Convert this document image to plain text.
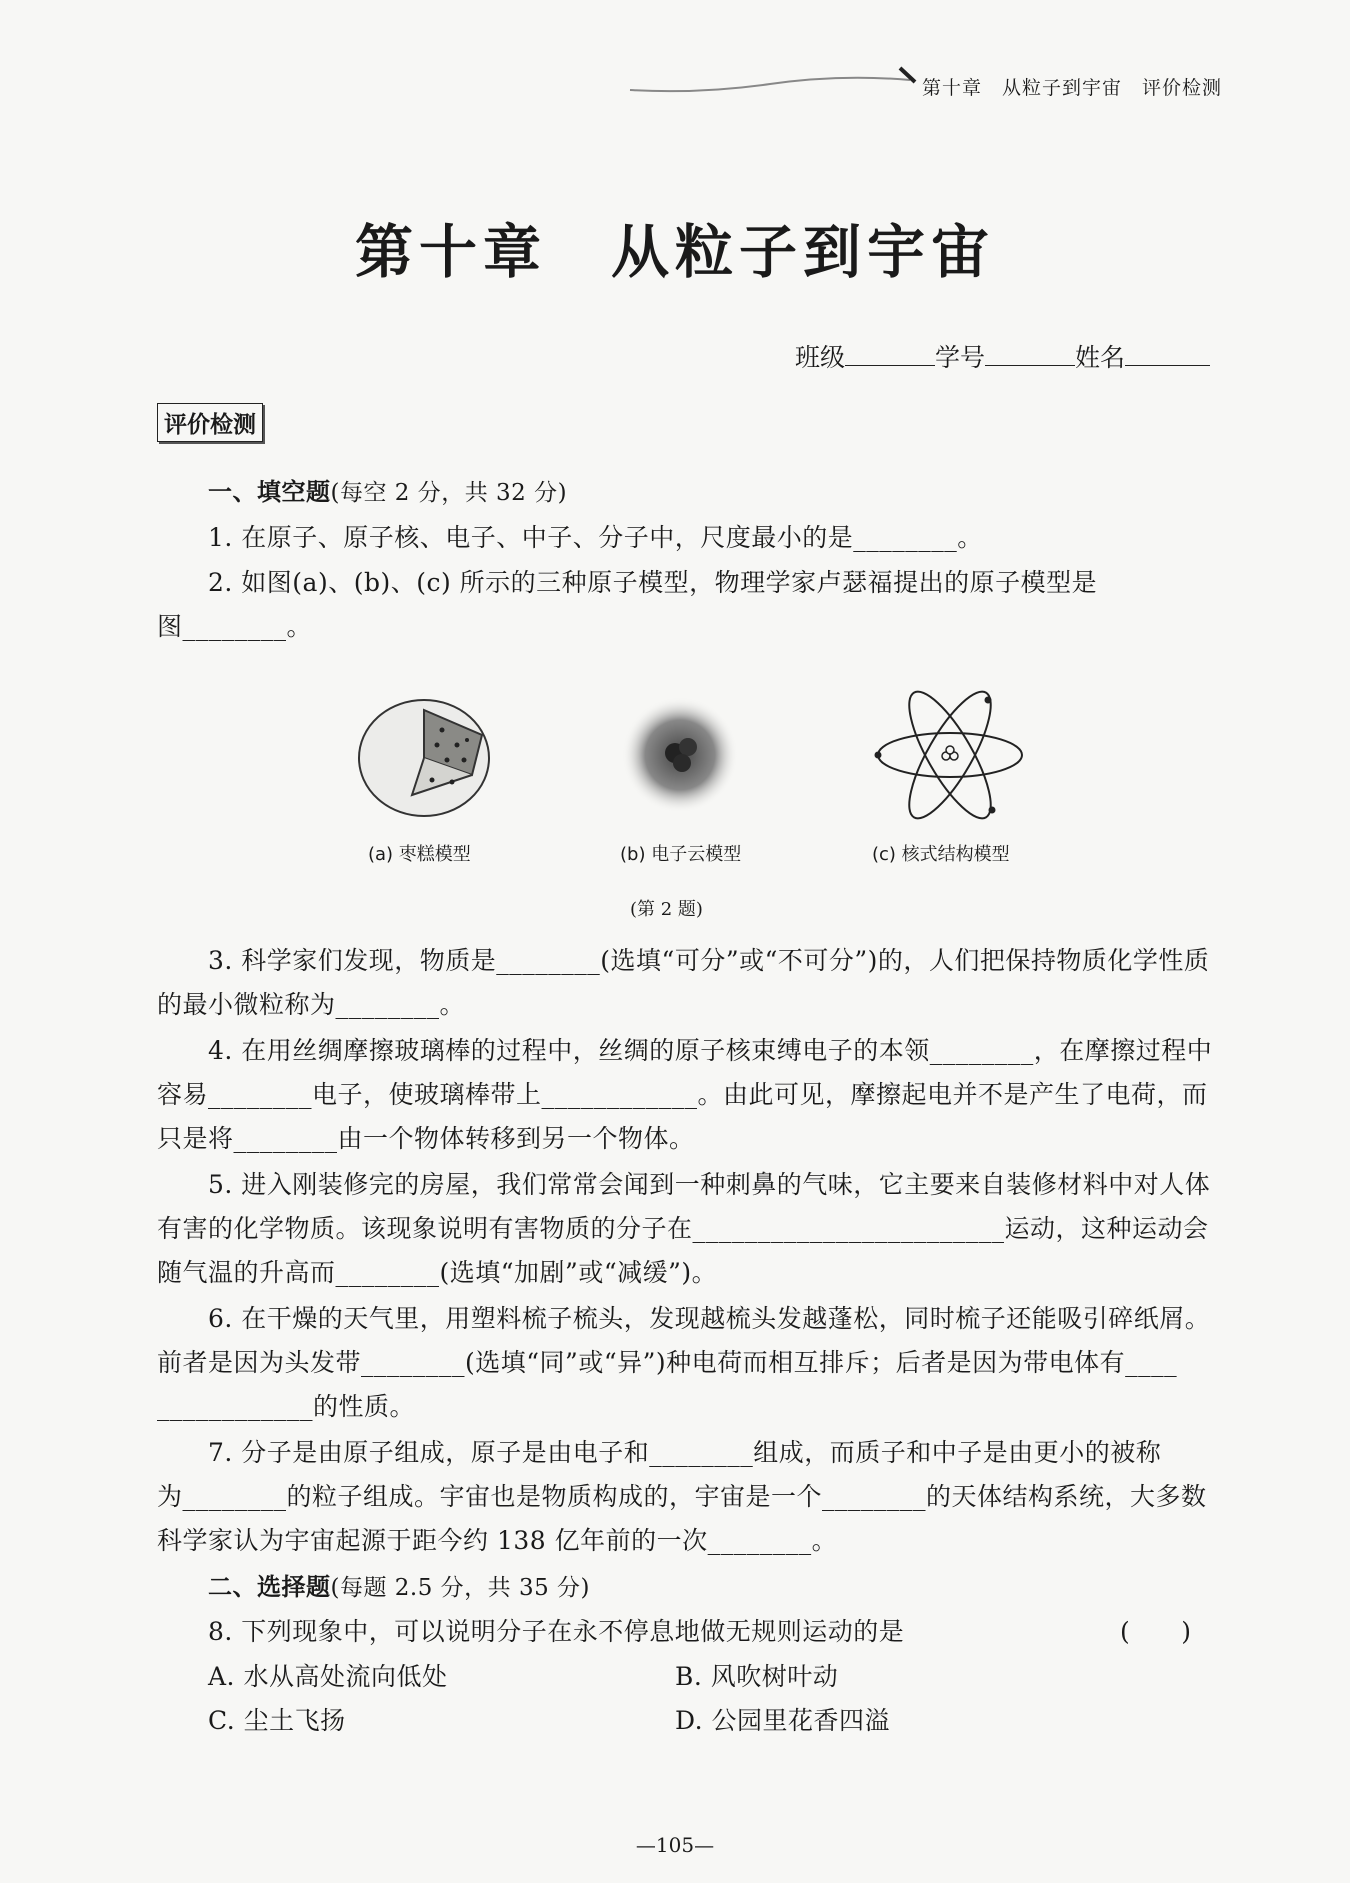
第十章　从粒子到宇宙　评价检测
第十章　从粒子到宇宙
班级	学号	姓名
评价检测
一、填空题(每空 2 分，共 32 分)
1. 在原子、原子核、电子、中子、分子中，尺度最小的是________。
2. 如图(a)、(b)、(c) 所示的三种原子模型，物理学家卢瑟福提出的原子模型是
图________。
(a) 枣糕模型	(b) 电子云模型	(c) 核式结构模型
(第 2 题)
3. 科学家们发现，物质是________(选填“可分”或“不可分”)的，人们把保持物质化学性质
的最小微粒称为________。
4. 在用丝绸摩擦玻璃棒的过程中，丝绸的原子核束缚电子的本领________，在摩擦过程中
容易________电子，使玻璃棒带上____________。由此可见，摩擦起电并不是产生了电荷，而
只是将________由一个物体转移到另一个物体。
5. 进入刚装修完的房屋，我们常常会闻到一种刺鼻的气味，它主要来自装修材料中对人体
有害的化学物质。该现象说明有害物质的分子在________________________运动，这种运动会
随气温的升高而________(选填“加剧”或“减缓”)。
6. 在干燥的天气里，用塑料梳子梳头，发现越梳头发越蓬松，同时梳子还能吸引碎纸屑。
前者是因为头发带________(选填“同”或“异”)种电荷而相互排斥；后者是因为带电体有____
____________的性质。
7. 分子是由原子组成，原子是由电子和________组成，而质子和中子是由更小的被称
为________的粒子组成。宇宙也是物质构成的，宇宙是一个________的天体结构系统，大多数
科学家认为宇宙起源于距今约 138 亿年前的一次________。
二、选择题(每题 2.5 分，共 35 分)
8. 下列现象中，可以说明分子在永不停息地做无规则运动的是	(　　)
A. 水从高处流向低处	B. 风吹树叶动
C. 尘土飞扬	D. 公园里花香四溢
—105—
